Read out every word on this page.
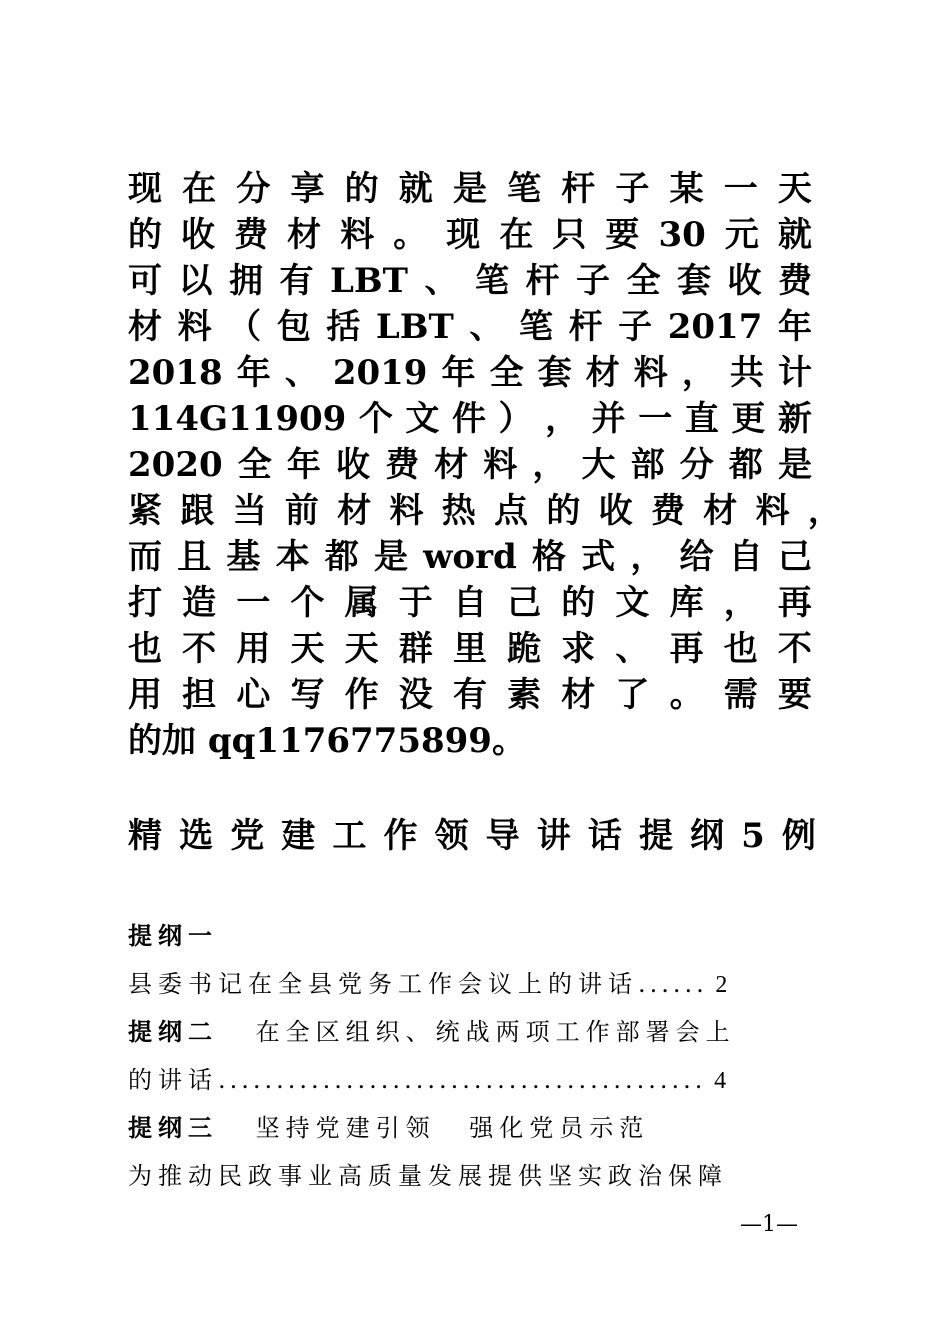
现 在 分 享 的 就 是 笔 杆 子 某 一 天
的 收 费 材 料 。 现 在 只 要 30 元 就
可 以 拥 有 LBT 、 笔 杆 子 全 套 收 费
材 料 （ 包 括 LBT 、 笔 杆 子 2017 年
2018 年 、 2019 年 全 套 材 料 ， 共 计
114G11909 个 文 件 ） ， 并 一 直 更 新
2020 全 年 收 费 材 料 ， 大 部 分 都 是
紧 跟 当 前 材 料 热 点 的 收 费 材 料 ，
而 且 基 本 都 是 word 格 式 ， 给 自 己
打 造 一 个 属 于 自 己 的 文 库 ， 再
也 不 用 天 天 群 里 跪 求 、 再 也 不
用 担 心 写 作 没 有 素 材 了 。 需 要
的加 qq1176775899。
精 选 党 建 工 作 领 导 讲 话 提 纲 5 例
提纲一
县委书记在全县党务工作会议上的讲话...... 2
提纲二 在全区组织、统战两项工作部署会上
的讲话.......................................... 4
提纲三 坚持党建引领 强化党员示范
为推动民政事业高质量发展提供坚实政治保障
—1—
